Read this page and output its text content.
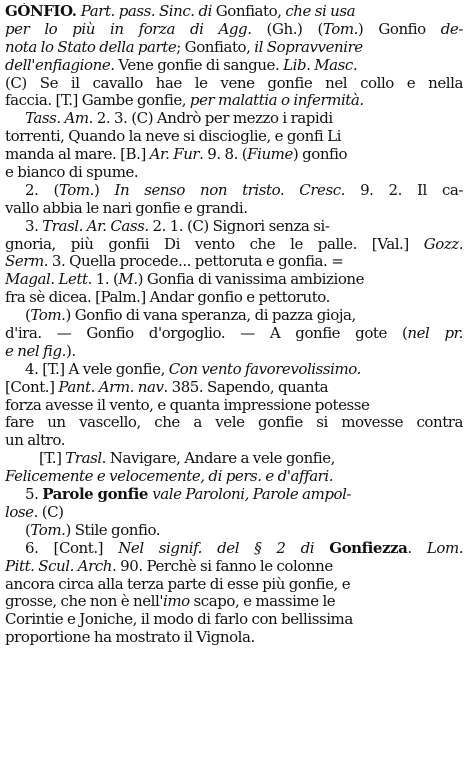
GÒNFIO. Part. pass. Sinc. di Gonfiato, che si usa
per lo più in forza di Agg. (Gh.) (Tom.) Gonfio de-
nota lo Stato della parte; Gonfiato, il Sopravvenire
dell'enfiagione. Vene gonfie di sangue. Lib. Masc.
(C) Se il cavallo hae le vene gonfie nel collo e nella
faccia. [T.] Gambe gonfie, per malattia o infermità.
Tass. Am. 2. 3. (C) Andrò per mezzo i rapidi
torrenti, Quando la neve si discioglie, e gonfi Li
manda al mare. [B.] Ar. Fur. 9. 8. (Fiume) gonfio
e bianco di spume.
2. (Tom.) In senso non tristo. Cresc. 9. 2. Il ca-
vallo abbia le nari gonfie e grandi.
3. Trasl. Ar. Cass. 2. 1. (C) Signori senza si-
gnoria, più gonfii Di vento che le palle. [Val.] Gozz.
Serm. 3. Quella procede... pettoruta e gonfia. =
Magal. Lett. 1. (M.) Gonfia di vanissima ambizione
fra sè dicea. [Palm.] Andar gonfio e pettoruto.
(Tom.) Gonfio di vana speranza, di pazza gioja,
d'ira. — Gonfio d'orgoglio. — A gonfie gote (nel pr.
e nel fig.).
4. [T.] A vele gonfie, Con vento favorevolissimo.
[Cont.] Pant. Arm. nav. 385. Sapendo, quanta
forza avesse il vento, e quanta impressione potesse
fare un vascello, che a vele gonfie si movesse contra
un altro.
[T.] Trasl. Navigare, Andare a vele gonfie,
Felicemente e velocemente, di pers. e d'affari.
5. Parole gonfie vale Paroloni, Parole ampol-
lose. (C)
(Tom.) Stile gonfio.
6. [Cont.] Nel signif. del § 2 di Gonfiezza. Lom.
Pitt. Scul. Arch. 90. Perchè si fanno le colonne
ancora circa alla terza parte di esse più gonfie, e
grosse, che non è nell'imo scapo, e massime le
Corintie e Joniche, il modo di farlo con bellissima
proportione ha mostrato il Vignola.
